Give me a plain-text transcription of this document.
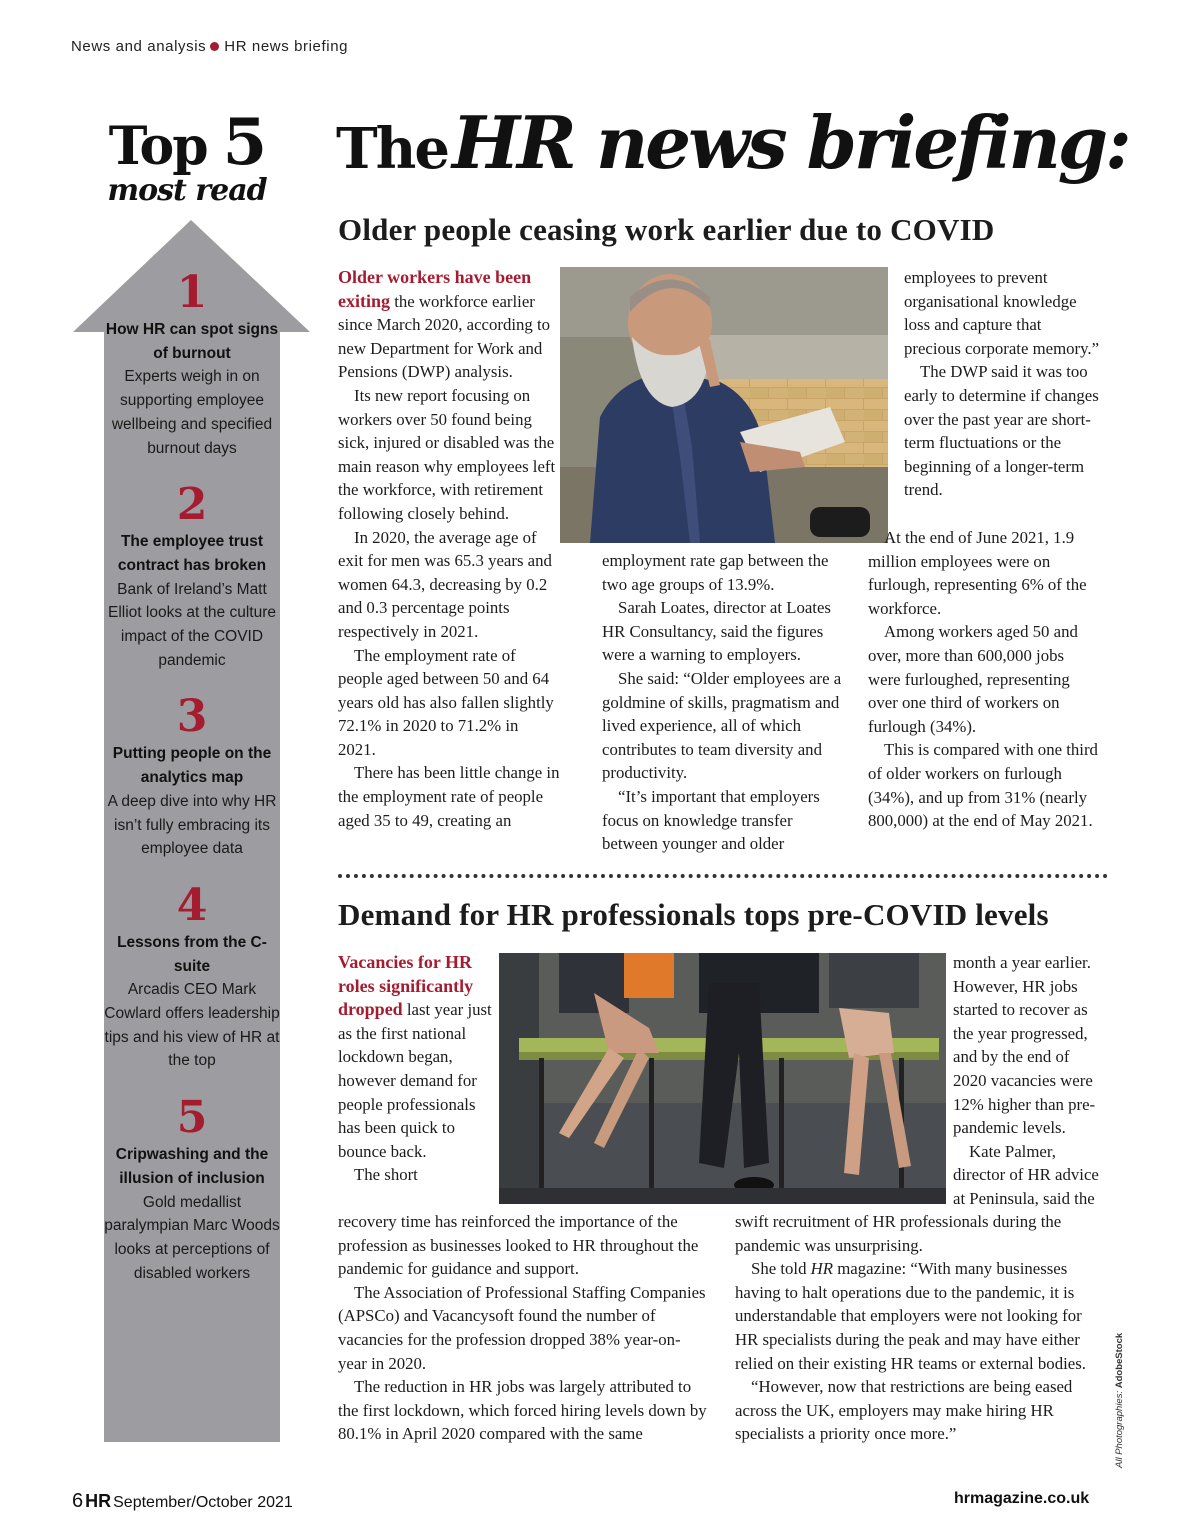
News and analysis HR news briefing
Top 5
most read
1
How HR can spot signs of burnout
Experts weigh in on supporting employee wellbeing and specified burnout days
2
The employee trust contract has broken
Bank of Ireland’s Matt Elliot looks at the culture impact of the COVID pandemic
3
Putting people on the analytics map
A deep dive into why HR isn’t fully embracing its employee data
4
Lessons from the C-suite
Arcadis CEO Mark Cowlard offers leadership tips and his view of HR at the top
5
Cripwashing and the illusion of inclusion
Gold medallist paralympian Marc Woods looks at perceptions of disabled workers
TheHR news briefing:
Older people ceasing work earlier due to COVID

Older workers have been exiting the workforce earlier since March 2020, according to new Department for Work and Pensions (DWP) analysis.

Its new report focusing on workers over 50 found being sick, injured or disabled was the main reason why employees left the workforce, with retirement following closely behind.

In 2020, the average age of exit for men was 65.3 years and women 64.3, decreasing by 0.2 and 0.3 percentage points respectively in 2021.

The employment rate of people aged between 50 and 64 years old has also fallen slightly 72.1% in 2020 to 71.2% in 2021.

There has been little change in the employment rate of people aged 35 to 49, creating an

employment rate gap between the two age groups of 13.9%.

Sarah Loates, director at Loates HR Consultancy, said the figures were a warning to employers.

She said: “Older employees are a goldmine of skills, pragmatism and lived experience, all of which contributes to team diversity and productivity.

“It’s important that employers focus on knowledge transfer between younger and older

employees to prevent organisational knowledge loss and capture that precious corporate memory.”

The DWP said it was too early to determine if changes over the past year are short-term fluctuations or the beginning of a longer-term trend.

At the end of June 2021, 1.9 million employees were on furlough, representing 6% of the workforce.

Among workers aged 50 and over, more than 600,000 jobs were furloughed, representing over one third of workers on furlough (34%).

This is compared with one third of older workers on furlough (34%), and up from 31% (nearly 800,000) at the end of May 2021.

Demand for HR professionals tops pre-COVID levels

Vacancies for HR roles significantly dropped last year just as the first national lockdown began, however demand for people professionals has been quick to bounce back.

The short

recovery time has reinforced the importance of the profession as businesses looked to HR throughout the pandemic for guidance and support.

The Association of Professional Staffing Companies (APSCo) and Vacancysoft found the number of vacancies for the profession dropped 38% year-on-year in 2020.

The reduction in HR jobs was largely attributed to the first lockdown, which forced hiring levels down by 80.1% in April 2020 compared with the same

month a year earlier. However, HR jobs started to recover as the year progressed, and by the end of 2020 vacancies were 12% higher than pre-pandemic levels.

Kate Palmer, director of HR advice at Peninsula, said the

swift recruitment of HR professionals during the pandemic was unsurprising.

She told HR magazine: “With many businesses having to halt operations due to the pandemic, it is understandable that employers were not looking for HR specialists during the peak and may have either relied on their existing HR teams or external bodies.

“However, now that restrictions are being eased across the UK, employers may make hiring HR specialists a priority once more.”	All Photographies: AdobeStock
6 HR September/October 2021	hrmagazine.co.uk
